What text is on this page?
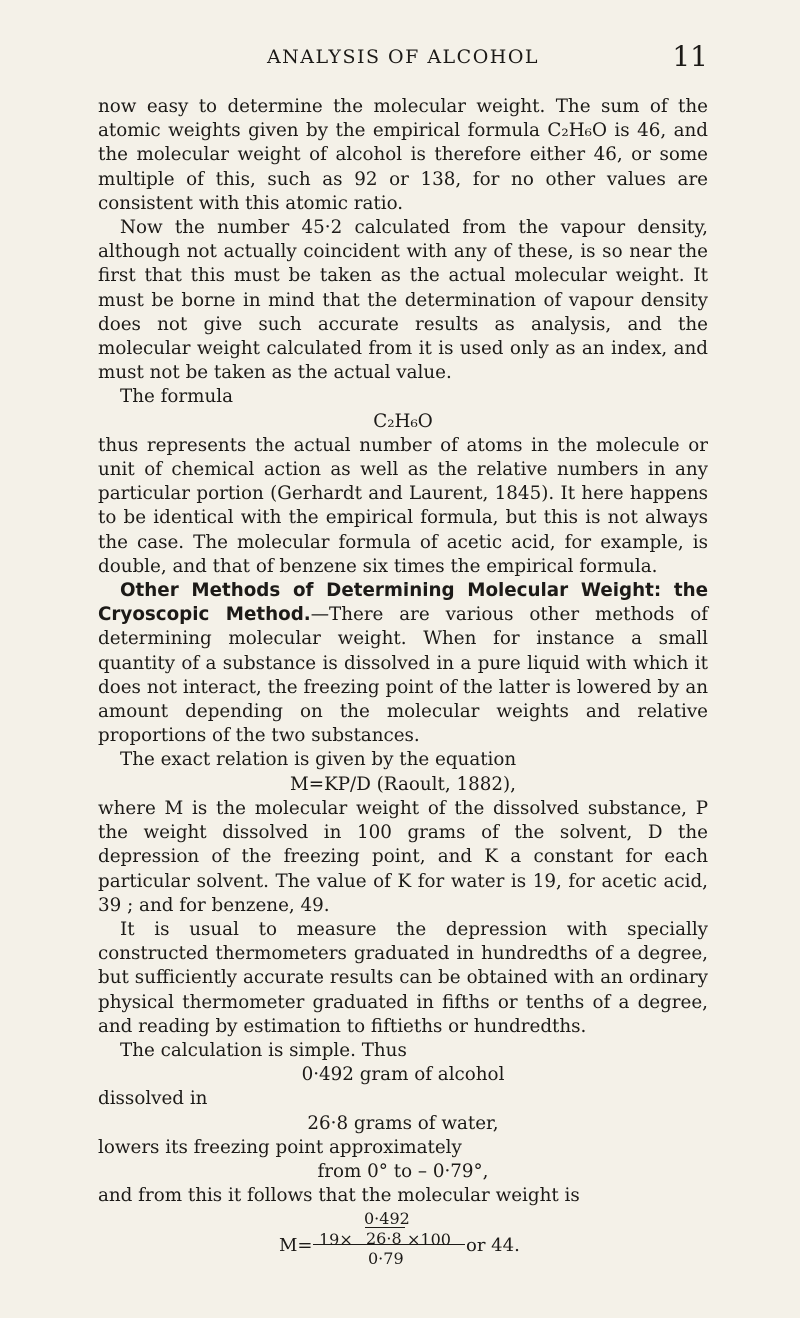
ANALYSIS OF ALCOHOL	11

now easy to determine the molecular weight. The sum of the atomic weights given by the empirical formula C₂H₆O is 46, and the molecular weight of alcohol is therefore either 46, or some multiple of this, such as 92 or 138, for no other values are consistent with this atomic ratio.

Now the number 45·2 calculated from the vapour density, although not actually coincident with any of these, is so near the first that this must be taken as the actual molecular weight. It must be borne in mind that the determination of vapour density does not give such accurate results as analysis, and the molecular weight calculated from it is used only as an index, and must not be taken as the actual value.

The formula

C₂H₆O

thus represents the actual number of atoms in the molecule or unit of chemical action as well as the relative numbers in any particular portion (Gerhardt and Laurent, 1845). It here happens to be identical with the empirical formula, but this is not always the case. The molecular formula of acetic acid, for example, is double, and that of benzene six times the empirical formula.

Other Methods of Determining Molecular Weight: the Cryoscopic Method.—There are various other methods of determining molecular weight. When for instance a small quantity of a substance is dissolved in a pure liquid with which it does not interact, the freezing point of the latter is lowered by an amount depending on the molecular weights and relative proportions of the two substances.

The exact relation is given by the equation

M=KP/D (Raoult, 1882),

where M is the molecular weight of the dissolved substance, P the weight dissolved in 100 grams of the solvent, D the depression of the freezing point, and K a constant for each particular solvent. The value of K for water is 19, for acetic acid, 39 ; and for benzene, 49.

It is usual to measure the depression with specially constructed thermometers graduated in hundredths of a degree, but sufficiently accurate results can be obtained with an ordinary physical thermometer graduated in fifths or tenths of a degree, and reading by estimation to fiftieths or hundredths.

The calculation is simple. Thus

0·492 gram of alcohol

dissolved in

26·8 grams of water,

lowers its freezing point approximately

from 0° to – 0·79°,

and from this it follows that the molecular weight is

19×
0·492
26·8 ×100
M=
0·79
or 44.
